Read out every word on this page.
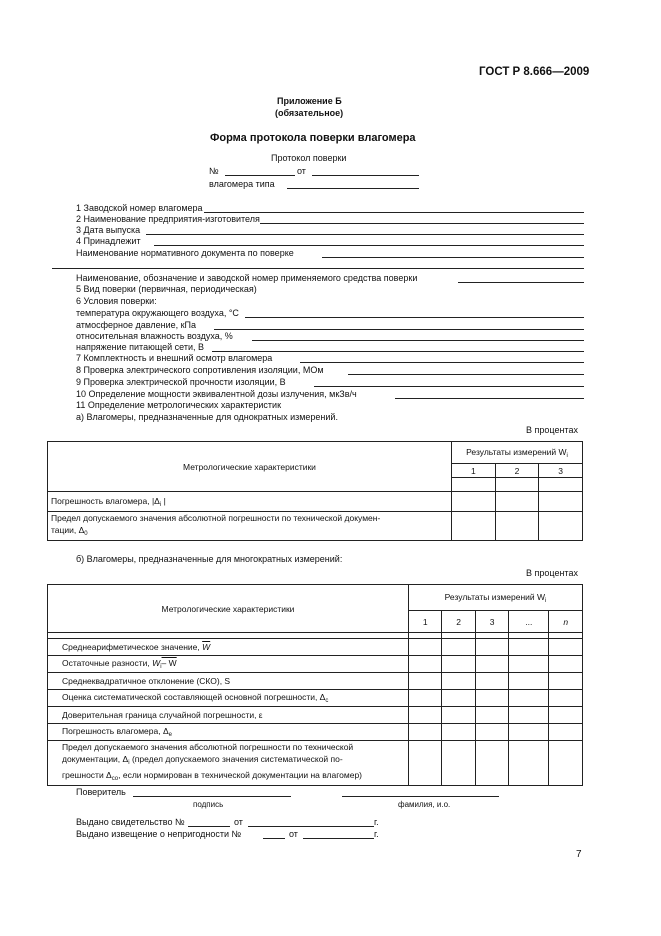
ГОСТ Р 8.666—2009
Приложение Б
(обязательное)
Форма протокола поверки влагомера
Протокол поверки
№	от
влагомера типа
1 Заводской номер влагомера
2 Наименование предприятия-изготовителя
3 Дата выпуска
4 Принадлежит
Наименование нормативного документа по поверке
Наименование, обозначение и заводской номер применяемого средства поверки
5 Вид поверки (первичная, периодическая)
6 Условия поверки:
температура окружающего воздуха, °С
атмосферное давление, кПа
относительная влажность воздуха, %
напряжение питающей сети, В
7 Комплектность и внешний осмотр влагомера
8 Проверка электрического сопротивления изоляции, МОм
9 Проверка электрической прочности изоляции, В
10 Определение мощности эквивалентной дозы излучения, мкЗв/ч
11 Определение метрологических характеристик
а) Влагомеры, предназначенные для однократных измерений.
В процентах
Метрологические характеристики	Результаты измерений $W_i$
	1	2	3

Погрешность влагомера, $|\Delta_i$ |			
Предел допускаемого значения абсолютной погрешности по технической докумен-
тации, $\Delta_0$			
б) Влагомеры, предназначенные для многократных измерений:
В процентах
Метрологические характеристики	Результаты измерений $W_i$
	1	2	3	...	n

Среднеарифметическое значение, $\overline{W}$					
Остаточные разности, $W_i-$ W					
Среднеквадратичное отклонение (СКО), S					
Оценка систематической составляющей основной погрешности, $\Delta_c$					
Доверительная граница случайной погрешности, ε					
Погрешность влагомера, $\Delta_е$					
Предел допускаемого значения абсолютной погрешности по технической
документации, $\Delta_i$ (предел допускаемого значения систематической по-
грешности $\Delta_{со}$, если нормирован в технической документации на влагомер)					
Поверитель
подпись	фамилия, и.о.
Выдано свидетельство №	от	г.
Выдано извещение о непригодности №	от	г.
7
